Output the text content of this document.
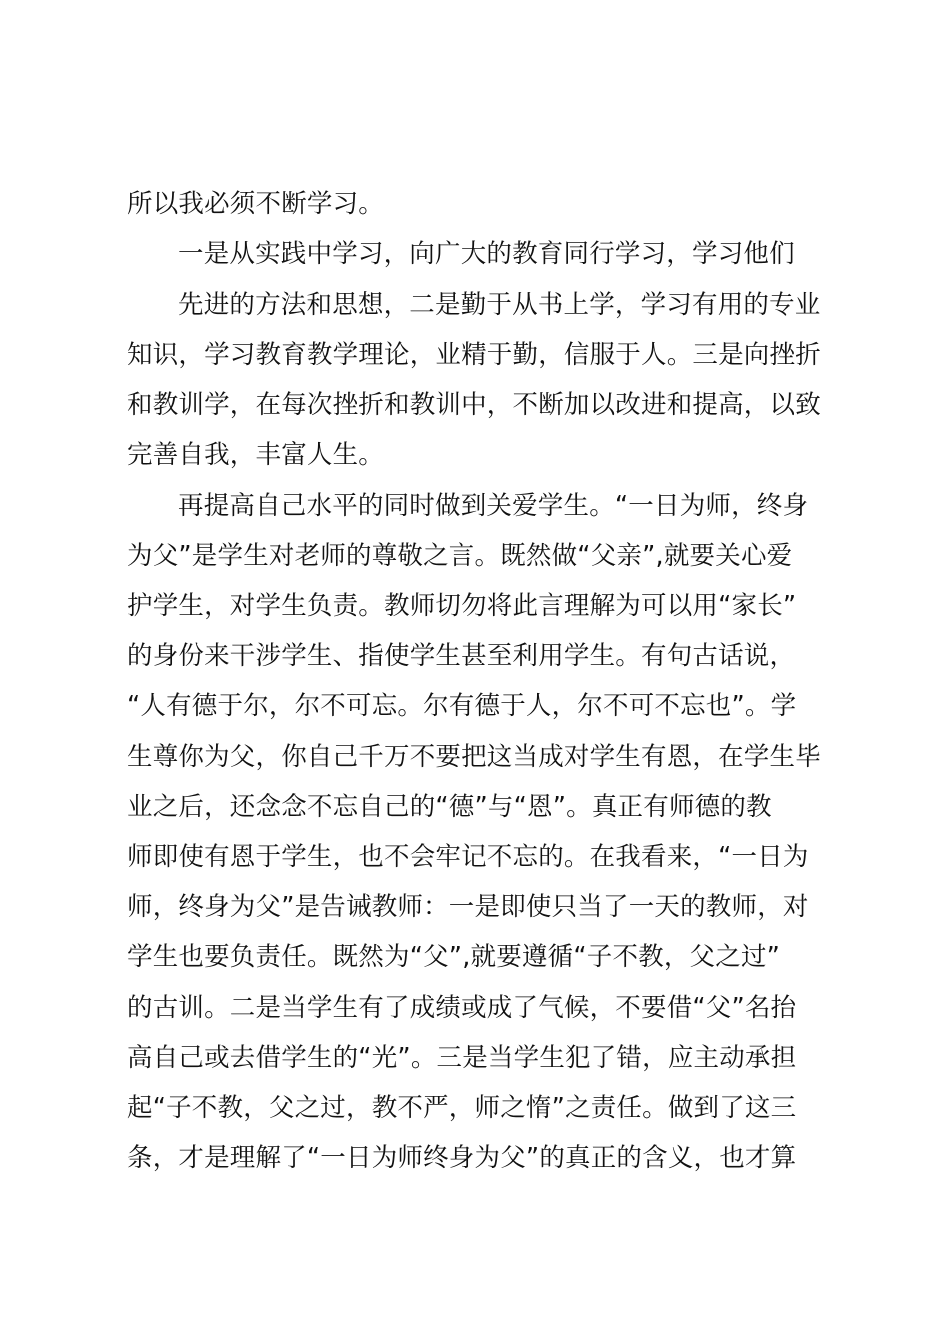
所以我必须不断学习。
一是从实践中学习，向广大的教育同行学习，学习他们
先进的方法和思想，二是勤于从书上学，学习有用的专业
知识，学习教育教学理论，业精于勤，信服于人。三是向挫折
和教训学，在每次挫折和教训中，不断加以改进和提高，以致
完善自我，丰富人生。
再提高自己水平的同时做到关爱学生。“一日为师，终身
为父”是学生对老师的尊敬之言。既然做“父亲”,就要关心爱
护学生，对学生负责。教师切勿将此言理解为可以用“家长”
的身份来干涉学生、指使学生甚至利用学生。有句古话说，
“人有德于尔，尔不可忘。尔有德于人，尔不可不忘也”。学
生尊你为父，你自己千万不要把这当成对学生有恩，在学生毕
业之后，还念念不忘自己的“德”与“恩”。真正有师德的教
师即使有恩于学生，也不会牢记不忘的。在我看来，“一日为
师，终身为父”是告诫教师：一是即使只当了一天的教师，对
学生也要负责任。既然为“父”,就要遵循“子不教，父之过”
的古训。二是当学生有了成绩或成了气候，不要借“父”名抬
高自己或去借学生的“光”。三是当学生犯了错，应主动承担
起“子不教，父之过，教不严，师之惰”之责任。做到了这三
条，才是理解了“一日为师终身为父”的真正的含义，也才算
